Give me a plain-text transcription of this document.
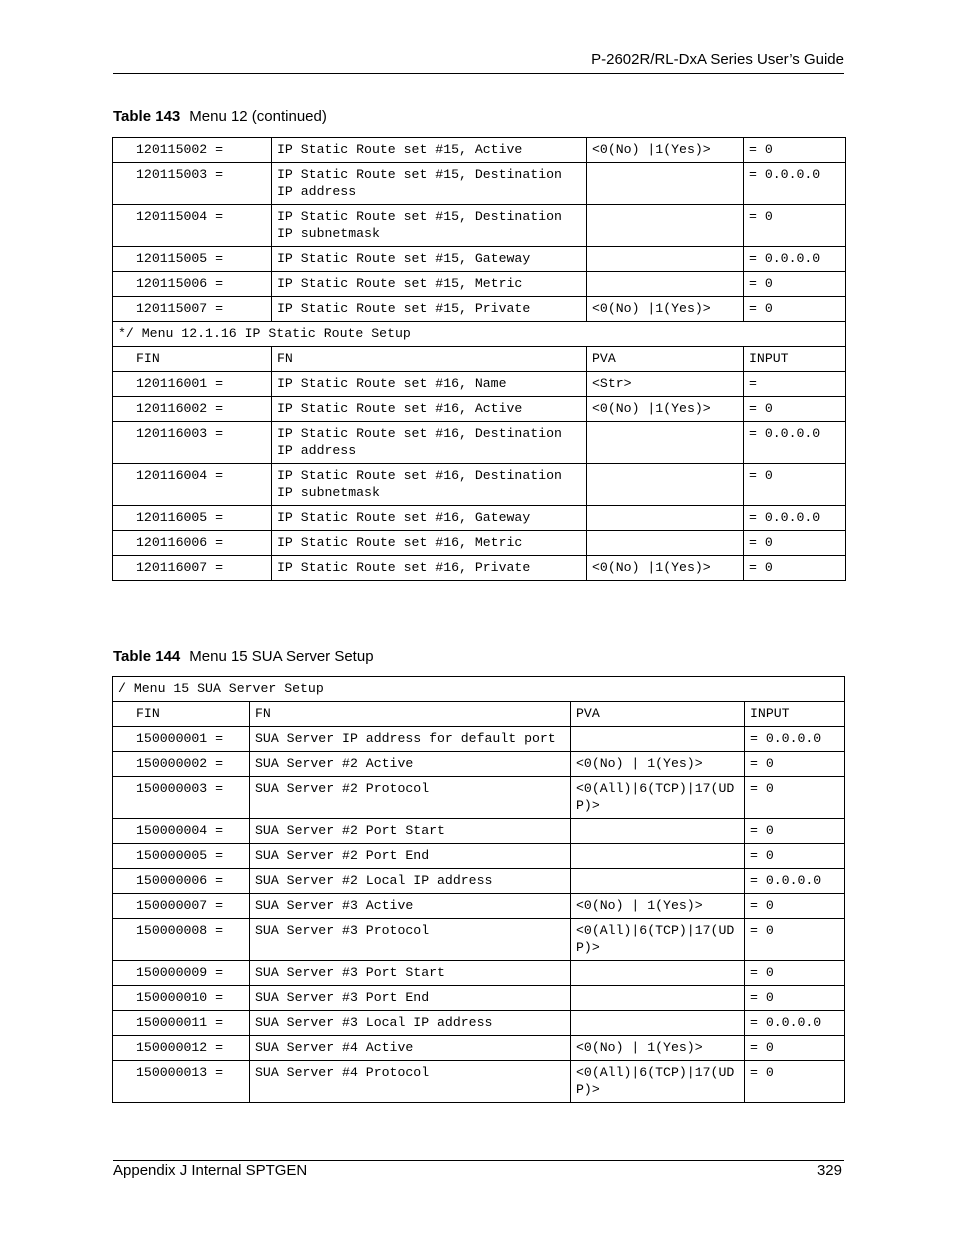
P-2602R/RL-DxA Series User’s Guide
Table 143 Menu 12 (continued)
120115002 =	IP Static Route set #15, Active	<0(No) |1(Yes)>	= 0
120115003 =	IP Static Route set #15, Destination IP address		= 0.0.0.0
120115004 =	IP Static Route set #15, Destination IP subnetmask		= 0
120115005 =	IP Static Route set #15, Gateway		= 0.0.0.0
120115006 =	IP Static Route set #15, Metric		= 0
120115007 =	IP Static Route set #15, Private	<0(No) |1(Yes)>	= 0
*/ Menu 12.1.16 IP Static Route Setup			
FIN	FN	PVA	INPUT
120116001 =	IP Static Route set #16, Name	<Str>	=
120116002 =	IP Static Route set #16, Active	<0(No) |1(Yes)>	= 0
120116003 =	IP Static Route set #16, Destination IP address		= 0.0.0.0
120116004 =	IP Static Route set #16, Destination IP subnetmask		= 0
120116005 =	IP Static Route set #16, Gateway		= 0.0.0.0
120116006 =	IP Static Route set #16, Metric		= 0
120116007 =	IP Static Route set #16, Private	<0(No) |1(Yes)>	= 0
Table 144 Menu 15 SUA Server Setup
/ Menu 15 SUA Server Setup			
FIN	FN	PVA	INPUT
150000001 =	SUA Server IP address for default port		= 0.0.0.0
150000002 =	SUA Server #2 Active	<0(No) | 1(Yes)>	= 0
150000003 =	SUA Server #2 Protocol	<0(All)|6(TCP)|17(UDP)>	= 0
150000004 =	SUA Server #2 Port Start		= 0
150000005 =	SUA Server #2 Port End		= 0
150000006 =	SUA Server #2 Local IP address		= 0.0.0.0
150000007 =	SUA Server #3 Active	<0(No) | 1(Yes)>	= 0
150000008 =	SUA Server #3 Protocol	<0(All)|6(TCP)|17(UDP)>	= 0
150000009 =	SUA Server #3 Port Start		= 0
150000010 =	SUA Server #3 Port End		= 0
150000011 =	SUA Server #3 Local IP address		= 0.0.0.0
150000012 =	SUA Server #4 Active	<0(No) | 1(Yes)>	= 0
150000013 =	SUA Server #4 Protocol	<0(All)|6(TCP)|17(UDP)>	= 0
Appendix J Internal SPTGEN	329
